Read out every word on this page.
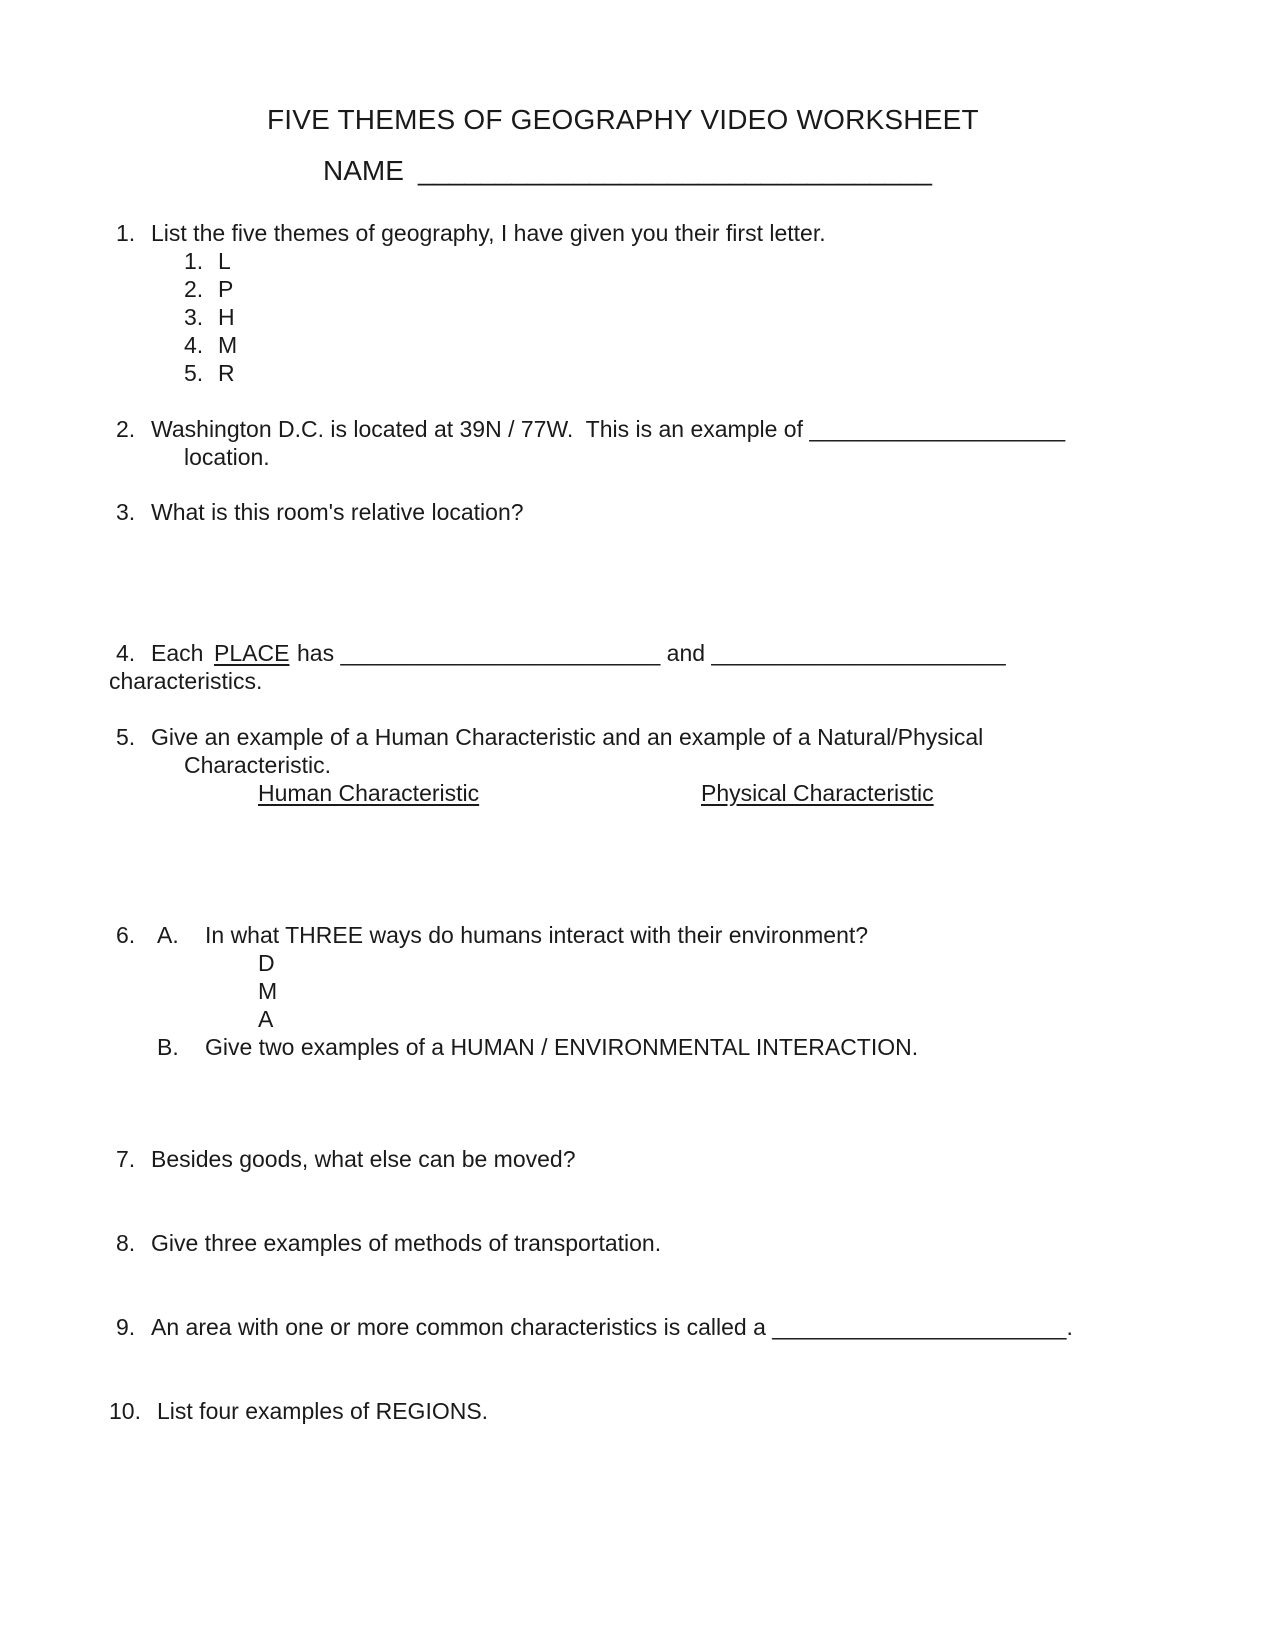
FIVE THEMES OF GEOGRAPHY VIDEO WORKSHEET
NAME _________________________________
1. List the five themes of geography, I have given you their first letter.
1. L
2. P
3. H
4. M
5. R
2. Washington D.C. is located at 39N / 77W.  This is an example of ____________________
location.
3. What is this room's relative location?
4. Each PLACE has _________________________ and _______________________
characteristics.
5. Give an example of a Human Characteristic and an example of a Natural/Physical
Characteristic.
Human Characteristic	Physical Characteristic
6. A. In what THREE ways do humans interact with their environment?
D
M
A
B. Give two examples of a HUMAN / ENVIRONMENTAL INTERACTION.
7. Besides goods, what else can be moved?
8. Give three examples of methods of transportation.
9. An area with one or more common characteristics is called a _______________________.
10. List four examples of REGIONS.
